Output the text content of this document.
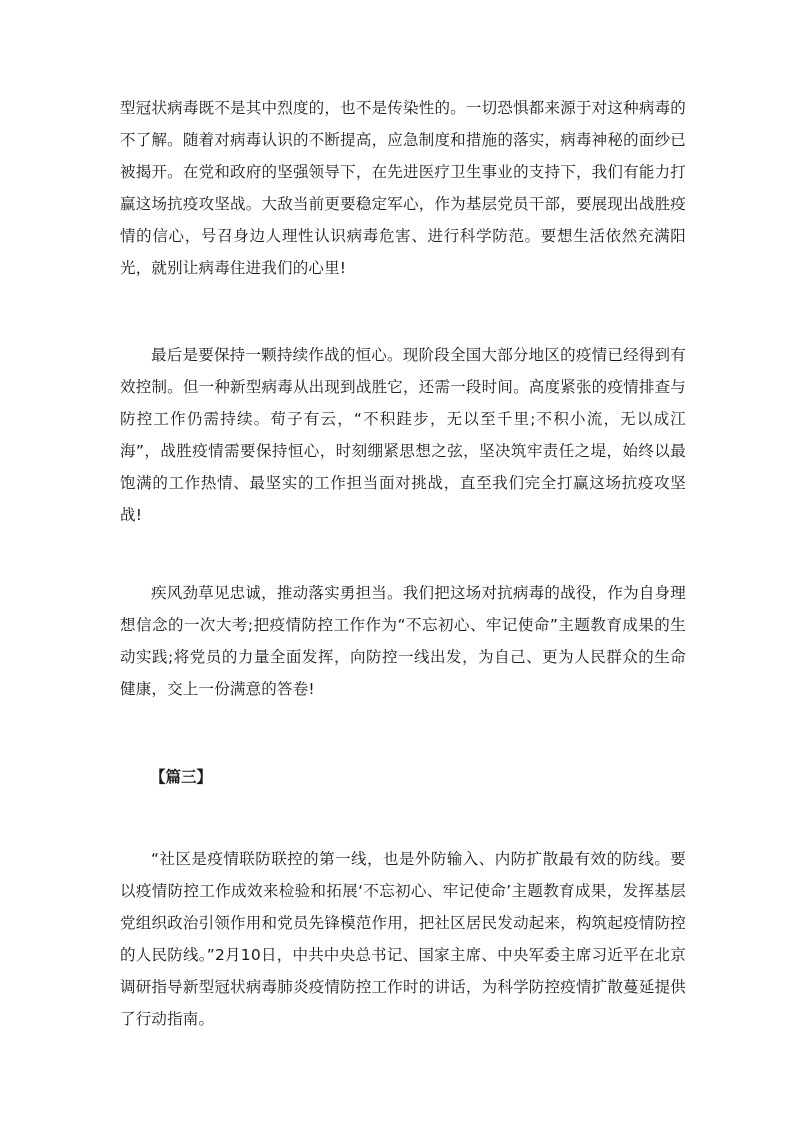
型冠状病毒既不是其中烈度的，也不是传染性的。一切恐惧都来源于对这种病毒的不了解。随着对病毒认识的不断提高，应急制度和措施的落实，病毒神秘的面纱已被揭开。在党和政府的坚强领导下，在先进医疗卫生事业的支持下，我们有能力打赢这场抗疫攻坚战。大敌当前更要稳定军心，作为基层党员干部，要展现出战胜疫情的信心，号召身边人理性认识病毒危害、进行科学防范。要想生活依然充满阳光，就别让病毒住进我们的心里!

最后是要保持一颗持续作战的恒心。现阶段全国大部分地区的疫情已经得到有效控制。但一种新型病毒从出现到战胜它，还需一段时间。高度紧张的疫情排查与防控工作仍需持续。荀子有云，“不积跬步，无以至千里;不积小流，无以成江海”，战胜疫情需要保持恒心，时刻绷紧思想之弦，坚决筑牢责任之堤，始终以最饱满的工作热情、最坚实的工作担当面对挑战，直至我们完全打赢这场抗疫攻坚战!

疾风劲草见忠诚，推动落实勇担当。我们把这场对抗病毒的战役，作为自身理想信念的一次大考;把疫情防控工作作为“不忘初心、牢记使命”主题教育成果的生动实践;将党员的力量全面发挥，向防控一线出发，为自己、更为人民群众的生命健康，交上一份满意的答卷!

【篇三】

“社区是疫情联防联控的第一线，也是外防输入、内防扩散最有效的防线。要以疫情防控工作成效来检验和拓展‘不忘初心、牢记使命’主题教育成果，发挥基层党组织政治引领作用和党员先锋模范作用，把社区居民发动起来，构筑起疫情防控的人民防线。”2月10日，中共中央总书记、国家主席、中央军委主席习近平在北京调研指导新型冠状病毒肺炎疫情防控工作时的讲话，为科学防控疫情扩散蔓延提供了行动指南。
